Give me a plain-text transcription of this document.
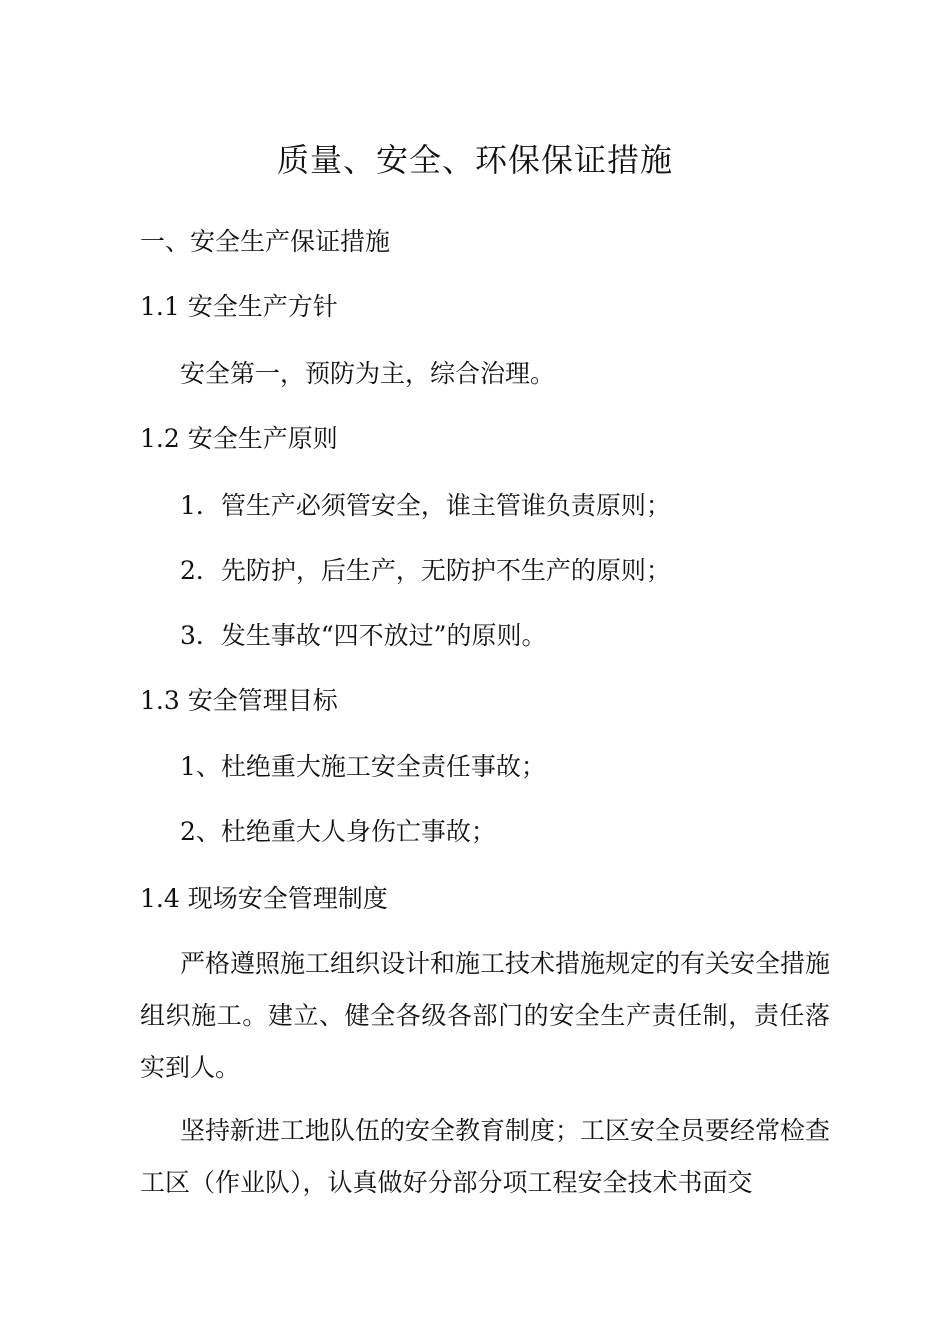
质量、安全、环保保证措施

一、安全生产保证措施

1.1 安全生产方针

安全第一，预防为主，综合治理。

1.2 安全生产原则

1．管生产必须管安全，谁主管谁负责原则；

2．先防护，后生产，无防护不生产的原则；

3．发生事故“四不放过”的原则。

1.3 安全管理目标

1、杜绝重大施工安全责任事故；

2、杜绝重大人身伤亡事故；

1.4 现场安全管理制度

严格遵照施工组织设计和施工技术措施规定的有关安全措施组织施工。建立、健全各级各部门的安全生产责任制，责任落实到人。

坚持新进工地队伍的安全教育制度；工区安全员要经常检查工区（作业队），认真做好分部分项工程安全技术书面交
